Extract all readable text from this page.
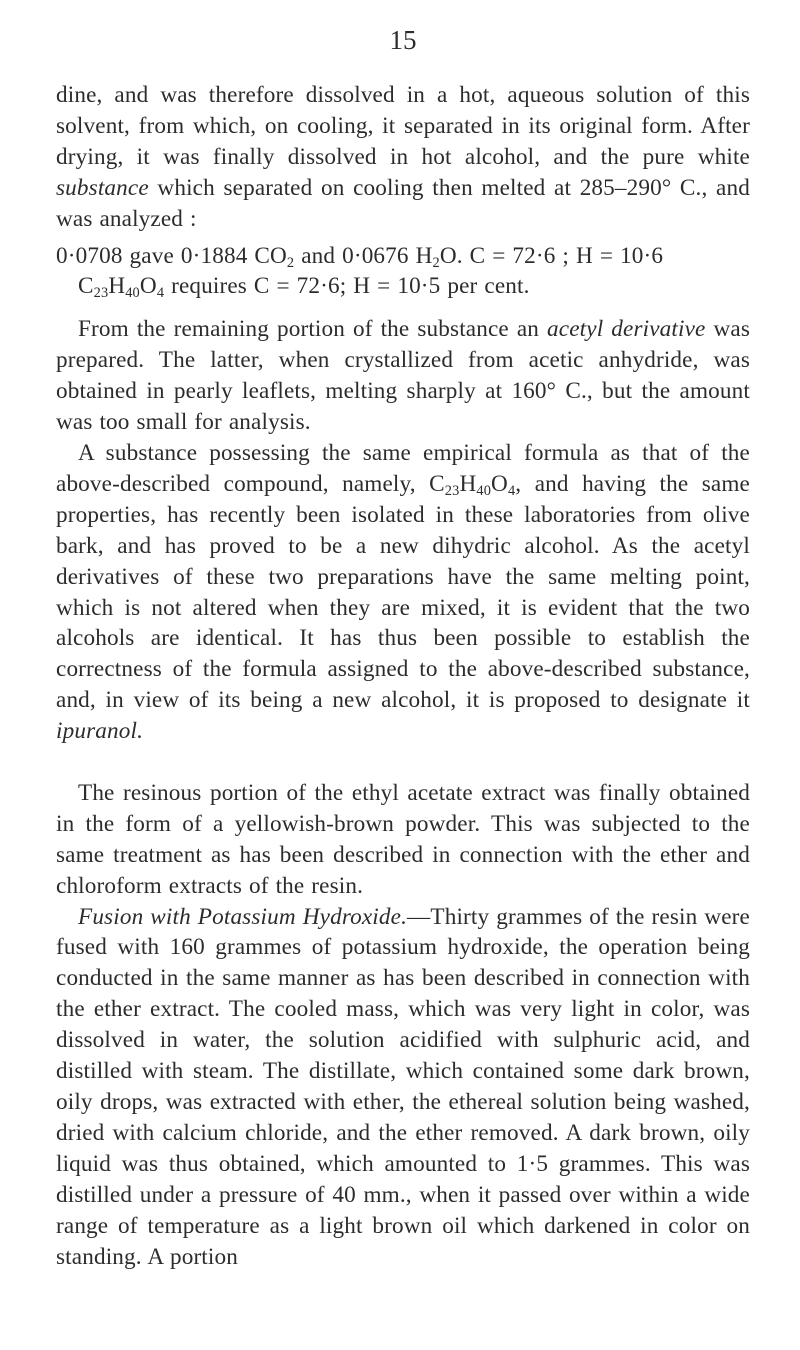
15

dine, and was therefore dissolved in a hot, aqueous solution of this solvent, from which, on cooling, it separated in its original form. After drying, it was finally dissolved in hot alcohol, and the pure white substance which separated on cooling then melted at 285–290° C., and was analyzed :

0·0708 gave 0·1884 $CO_2$ and 0·0676 $H_2O$. C = 72·6 ; H = 10·6

$C_{23}H_{40}O_4$ requires C = 72·6; H = 10·5 per cent.

From the remaining portion of the substance an acetyl derivative was prepared. The latter, when crystallized from acetic anhydride, was obtained in pearly leaflets, melting sharply at 160° C., but the amount was too small for analysis.

A substance possessing the same empirical formula as that of the above-described compound, namely, $C_{23}H_{40}O_4$, and having the same properties, has recently been isolated in these laboratories from olive bark, and has proved to be a new dihydric alcohol. As the acetyl derivatives of these two preparations have the same melting point, which is not altered when they are mixed, it is evident that the two alcohols are identical. It has thus been possible to establish the correctness of the formula assigned to the above-described substance, and, in view of its being a new alcohol, it is proposed to designate it ipuranol.

The resinous portion of the ethyl acetate extract was finally obtained in the form of a yellowish-brown powder. This was subjected to the same treatment as has been described in connection with the ether and chloroform extracts of the resin.

Fusion with Potassium Hydroxide.—Thirty grammes of the resin were fused with 160 grammes of potassium hydroxide, the operation being conducted in the same manner as has been described in connection with the ether extract. The cooled mass, which was very light in color, was dissolved in water, the solution acidified with sulphuric acid, and distilled with steam. The distillate, which contained some dark brown, oily drops, was extracted with ether, the ethereal solution being washed, dried with calcium chloride, and the ether removed. A dark brown, oily liquid was thus obtained, which amounted to 1·5 grammes. This was distilled under a pressure of 40 mm., when it passed over within a wide range of temperature as a light brown oil which darkened in color on standing. A portion
